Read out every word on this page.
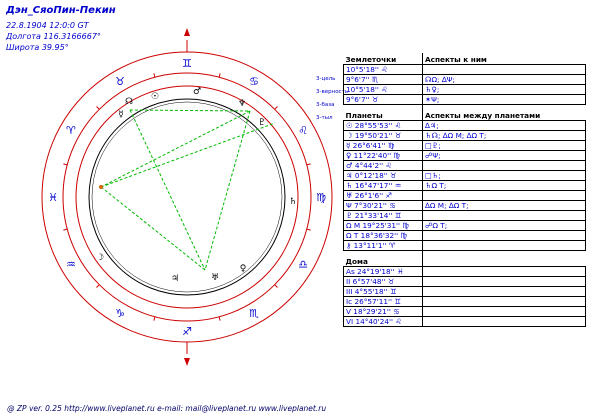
Дэн_СяоПин-Пекин
22.8.1904 12:0:0 GT
Долгота 116.3166667°
Широта 39.95°
3-цель
3-верность
3-база
3-тыл
♋
♌
♍
♎
♏
♐
♑
♒
♓
♈
♉
♊
☊
♂
♆
♇
♄
♀
♃
☉
☿
☽
♅
Землеточки	Аспекты к ним
10°5'18'' ♌	
9°6'7'' ♏	☊Ω; ∆Ψ;
10°5'18'' ♌	♄♀;
9°6'7'' ♉	✶Ψ;

Планеты	Аспекты между планетами
☉ 28°55'53'' ♌	∆♃;
☽ 19°50'21'' ♉	♄☊; ∆Ω M; ∆Ω T;
☿ 26°6'41'' ♍	□♇;
♀ 11°22'40'' ♍	☍Ψ;
♂ 4°44'2'' ♌	
♃ 0°12'18'' ♉	□♄;
♄ 16°47'17'' ♒	♄Ω T;
♅ 26°1'6'' ♐	
Ψ 7°30'21'' ♋	∆Ω M; ∆Ω T;
♇ 21°33'14'' ♊	
Ω M 19°25'31'' ♍	☍Ω T;
Ω T 18°36'32'' ♍	
⚷ 13°11'1'' ♈	

Дома	
As 24°19'18'' ♓	
II 6°57'48'' ♉	
III 4°55'18'' ♊	
Ic 26°57'11'' ♊	
V 18°29'21'' ♋	
VI 14°40'24'' ♌	
@ ZP ver. 0.25 http://www.liveplanet.ru e-mail: mail@liveplanet.ru www.liveplanet.ru
